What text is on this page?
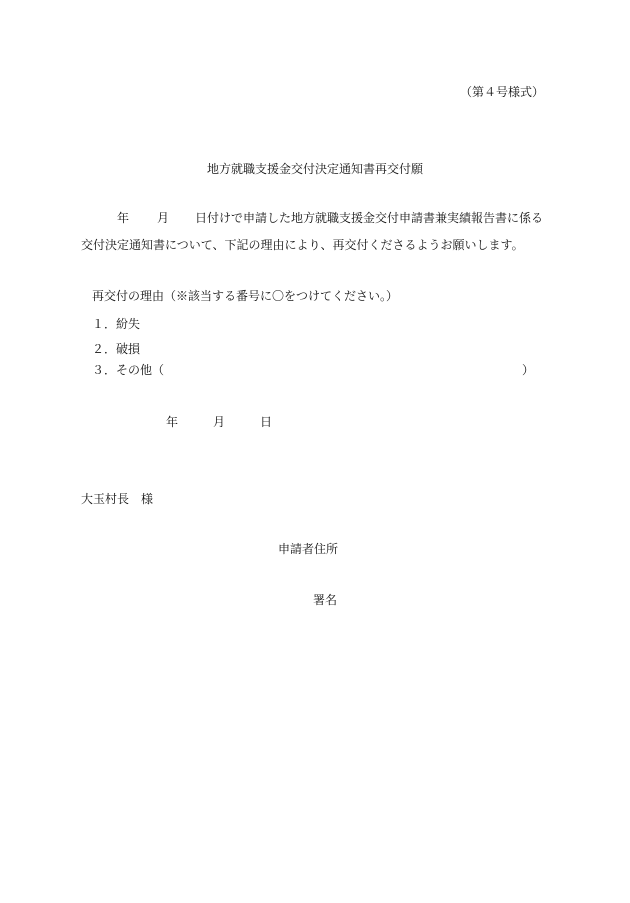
（第４号様式）
地方就職支援金交付決定通知書再交付願
年 月 日付けで申請した地方就職支援金交付申請書兼実績報告書に係る
交付決定通知書について、下記の理由により、再交付くださるようお願いします。
再交付の理由（※該当する番号に〇をつけてください。）
１．紛失
２．破損
３．その他（	）
年	月	日
大玉村長　様
申請者住所
署名
